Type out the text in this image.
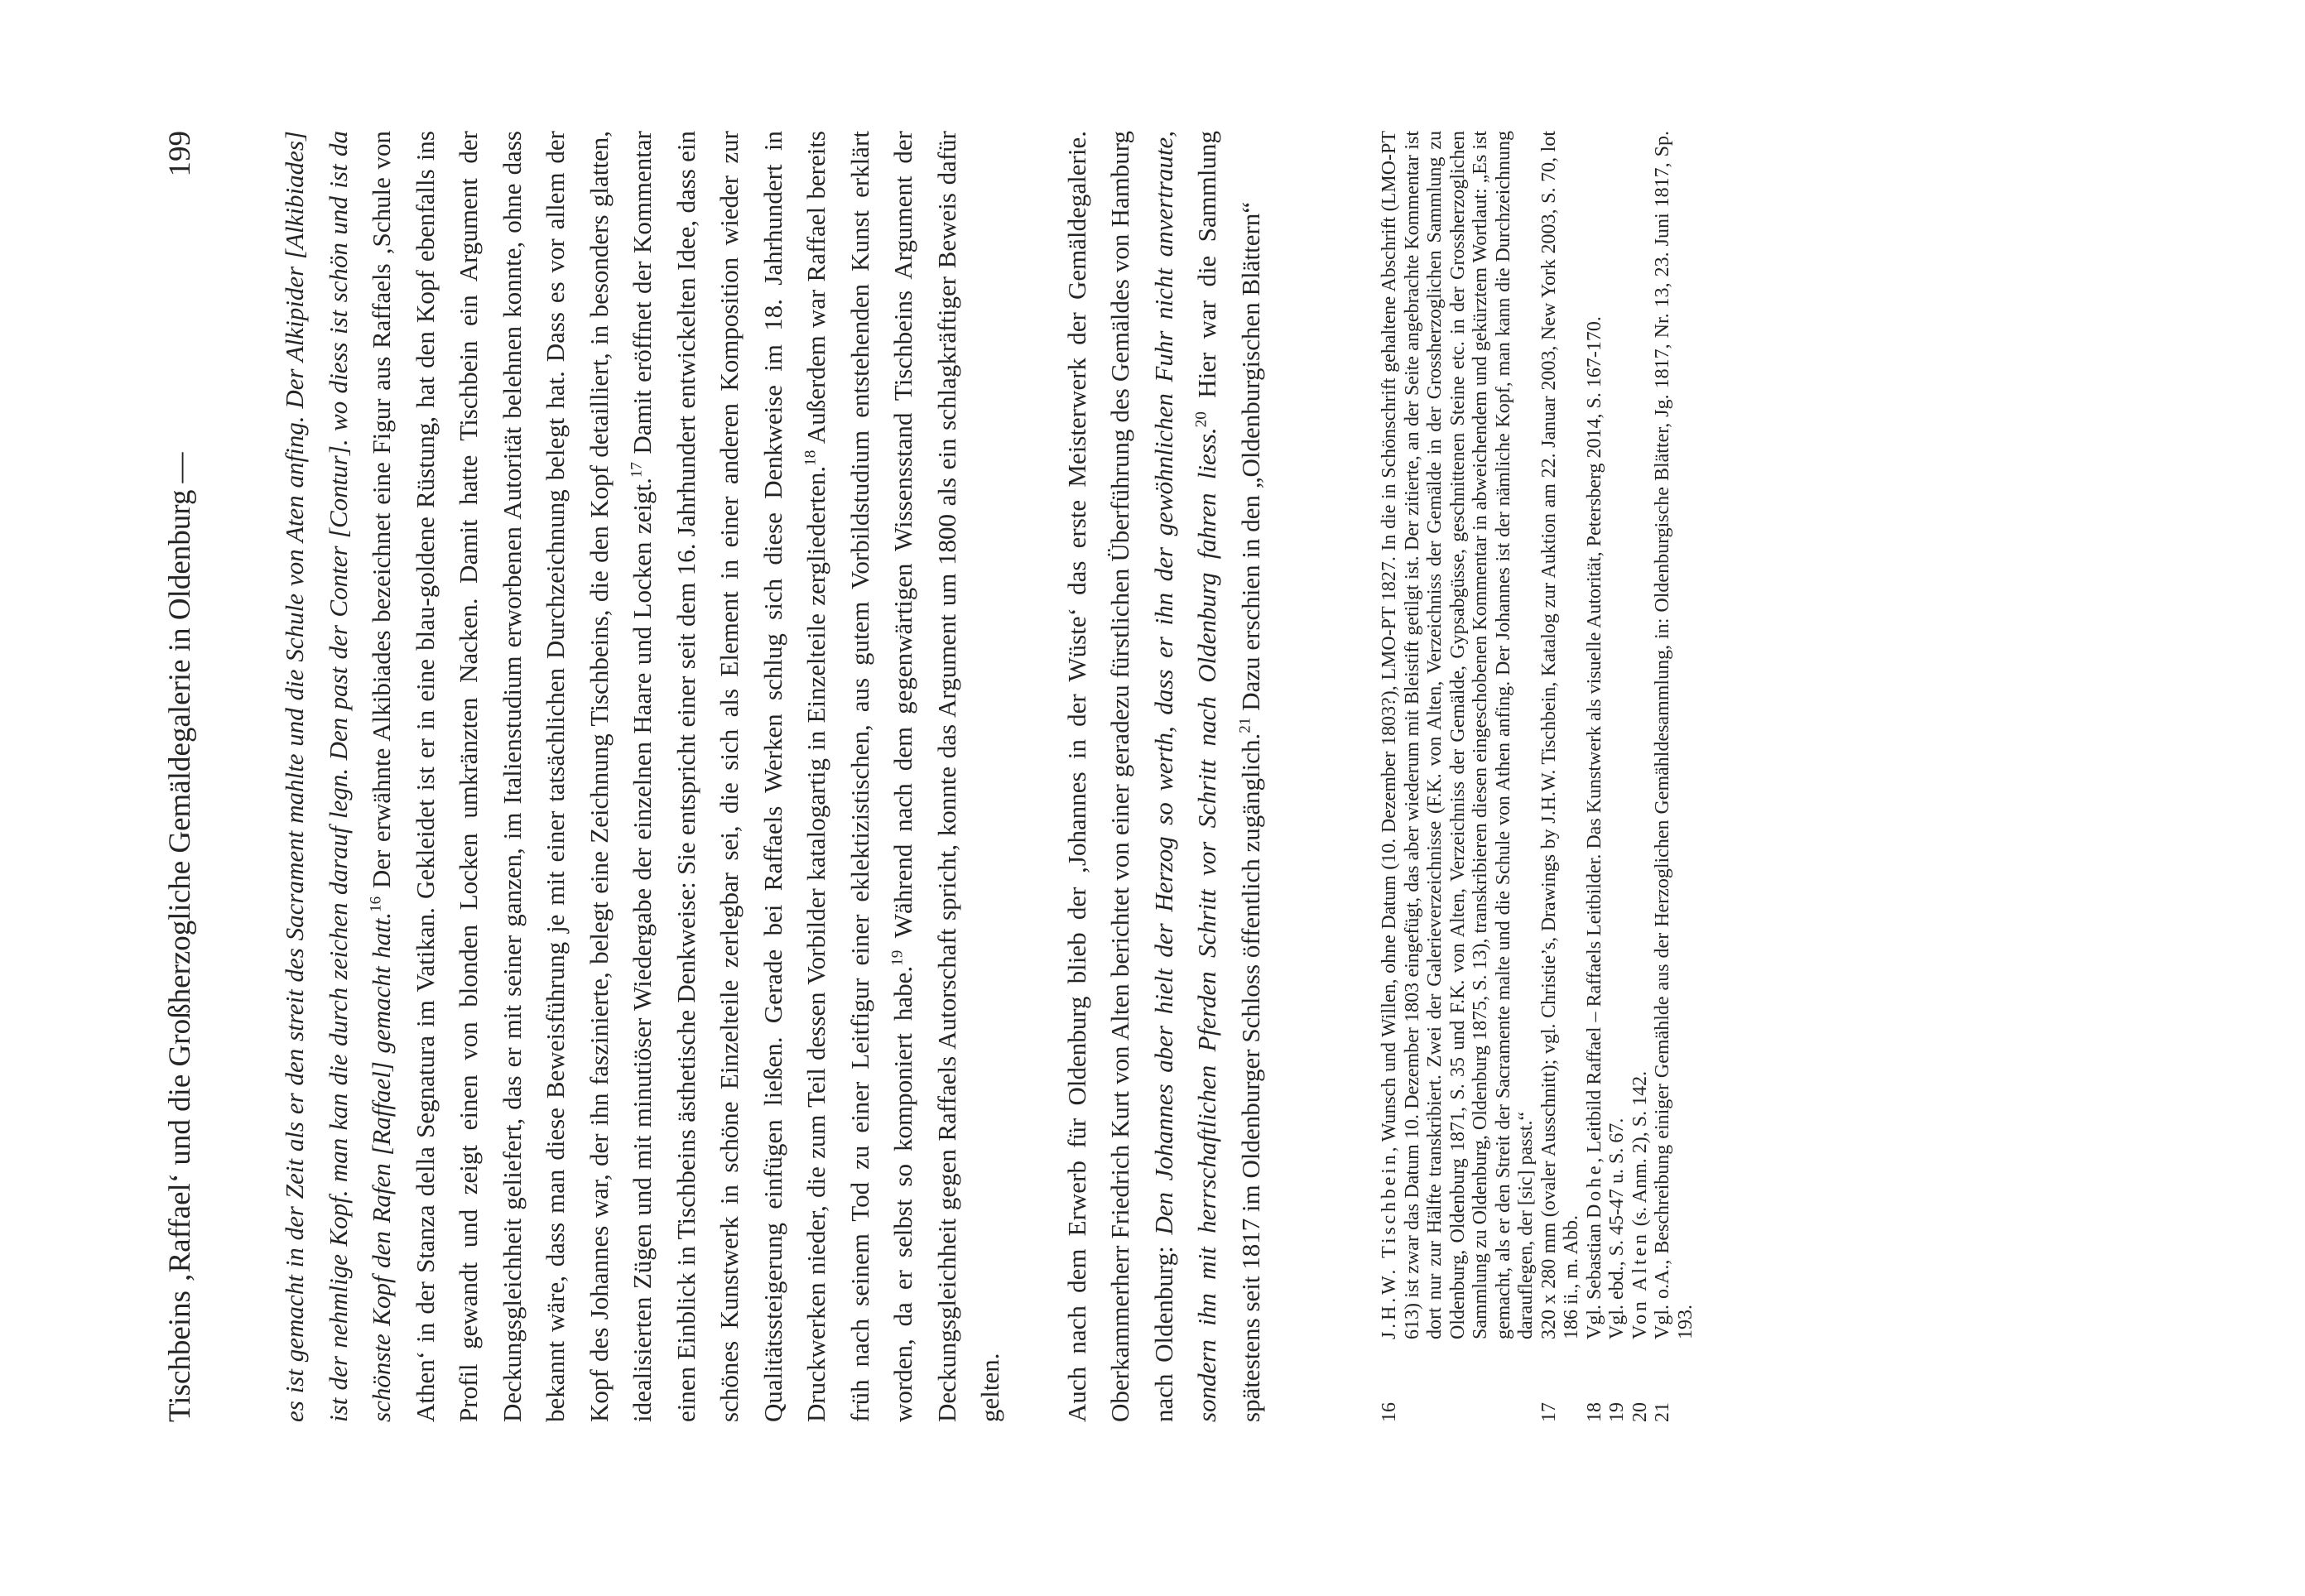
Tischbeins ‚Raffael‘ und die Großherzogliche Gemäldegalerie in Oldenburg—
199	es ist gemacht in der Zeit als er den streit des Sacrament mahlte und die Schule von Aten anfing. Der Alkipider [Alkibiades] ist der nehmlige Kopf. man kan die durch zeichen darauf legn. Den past der Conter [Contur]. wo diess ist schön und ist da schönste Kopf den Rafen [Raffael] gemacht hatt.$^{16}$ Der erwähnte Alkibiades bezeichnet eine Figur aus Raffaels ‚Schule von Athen‘ in der Stanza della Segnatura im Vatikan. Gekleidet ist er in eine blau-goldene Rüstung, hat den Kopf ebenfalls ins Profil gewandt und zeigt einen von blonden Locken umkränzten Nacken. Damit hatte Tischbein ein Argument der Deckungsgleichheit geliefert, das er mit seiner ganzen, im Italienstudium erworbenen Autorität belehnen konnte, ohne dass bekannt wäre, dass man diese Beweisführung je mit einer tatsächlichen Durchzeichnung belegt hat. Dass es vor allem der Kopf des Johannes war, der ihn faszinierte, belegt eine Zeichnung Tischbeins, die den Kopf detailliert, in besonders glatten, idealisierten Zügen und mit minutiöser Wiedergabe der einzelnen Haare und Locken zeigt.$^{17}$ Damit eröffnet der Kommentar einen Einblick in Tischbeins ästhetische Denkweise: Sie entspricht einer seit dem 16. Jahrhundert entwickelten Idee, dass ein schönes Kunstwerk in schöne Einzelteile zerlegbar sei, die sich als Element in einer anderen Komposition wieder zur Qualitätssteigerung einfügen ließen. Gerade bei Raffaels Werken schlug sich diese Denkweise im 18. Jahrhundert in Druckwerken nieder, die zum Teil dessen Vorbilder katalogartig in Einzelteile zergliederten.$^{18}$ Außerdem war Raffael bereits früh nach seinem Tod zu einer Leitfigur einer eklektizistischen, aus gutem Vorbildstudium entstehenden Kunst erklärt worden, da er selbst so komponiert habe.$^{19}$ Während nach dem gegenwärtigen Wissensstand Tischbeins Argument der Deckungsgleichheit gegen Raffaels Autorschaft spricht, konnte das Argument um 1800 als ein schlagkräftiger Beweis dafür gelten.	Auch nach dem Erwerb für Oldenburg blieb der ‚Johannes in der Wüste‘ das erste Meisterwerk der Gemäldegalerie. Oberkammerherr Friedrich Kurt von Alten berichtet von einer geradezu fürstlichen Überführung des Gemäldes von Hamburg nach Oldenburg: Den Johannes aber hielt der Herzog so werth, dass er ihn der gewöhnlichen Fuhr nicht anvertraute, sondern ihn mit herrschaftlichen Pferden Schritt vor Schritt nach Oldenburg fahren liess.$^{20}$ Hier war die Sammlung spätestens seit 1817 im Oldenburger Schloss öffentlich zugänglich.$^{21}$ Dazu erschien in den „Oldenburgischen Blättern“

16
J.H.W. Tischbein, Wunsch und Willen, ohne Datum (10. Dezember 1803?), LMO-PT 1827. In die in Schönschrift gehaltene Abschrift (LMO-PT 613) ist zwar das Datum 10. Dezember 1803 eingefügt, das aber wiederum mit Bleistift getilgt ist. Der zitierte, an der Seite angebrachte Kommentar ist dort nur zur Hälfte transkribiert. Zwei der Galerieverzeichnisse (F.K. von Alten, Verzeichniss der Gemälde in der Grossherzoglichen Sammlung zu Oldenburg, Oldenburg 1871, S. 35 und F.K. von Alten, Verzeichniss der Gemälde, Gypsabgüsse, geschnittenen Steine etc. in der Grossherzoglichen Sammlung zu Oldenburg, Oldenburg 1875, S. 13), transkribieren diesen eingeschobenen Kommentar in abweichendem und gekürztem Wortlaut: „Es ist gemacht, als er den Streit der Sacramente malte und die Schule von Athen anfing. Der Johannes ist der nämliche Kopf, man kann die Durchzeichnung darauflegen, der [sic] passt.“
17
320 x 280 mm (ovaler Ausschnitt); vgl. Christie’s, Drawings by J.H.W. Tischbein, Katalog zur Auktion am 22. Januar 2003, New York 2003, S. 70, lot 186 ii., m. Abb.
18
Vgl. Sebastian Dohe, Leitbild Raffael – Raffaels Leitbilder. Das Kunstwerk als visuelle Autorität, Petersberg 2014, S. 167-170.
19
Vgl. ebd., S. 45-47 u. S. 67.
20
Von Alten (s. Anm. 2), S. 142.
21
Vgl. o.A., Beschreibung einiger Gemählde aus der Herzoglichen Gemähldesammlung, in: Oldenburgische Blätter, Jg. 1817, Nr. 13, 23. Juni 1817, Sp. 193.
